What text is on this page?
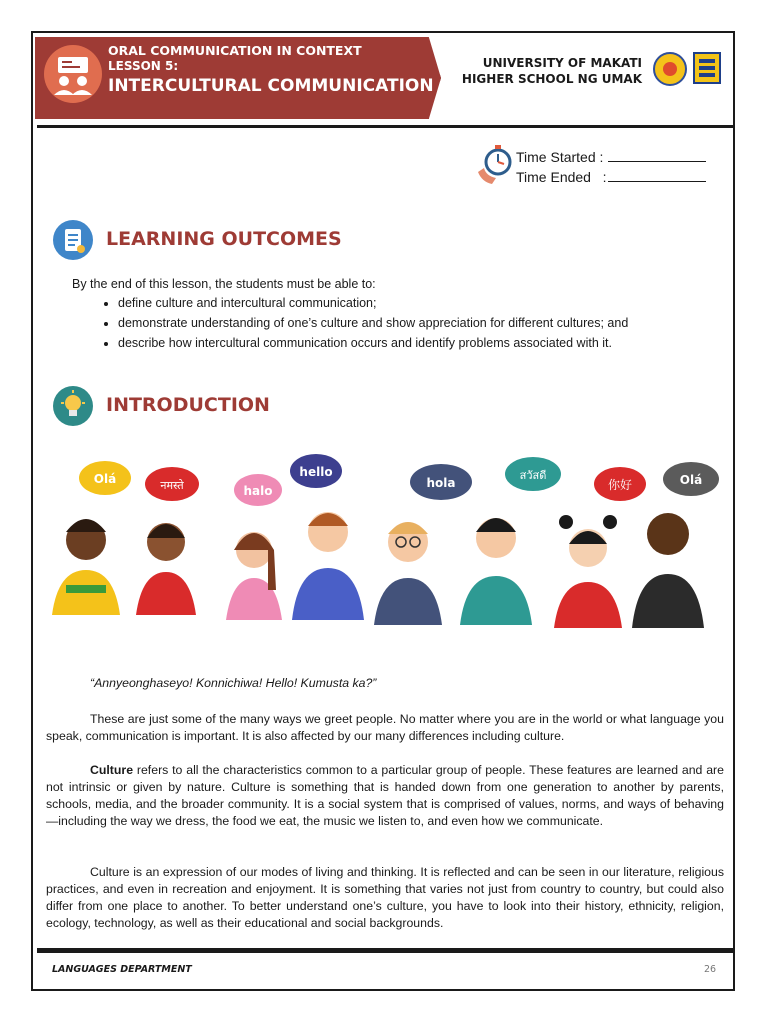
ORAL COMMUNICATION IN CONTEXT
LESSON 5:
INTERCULTURAL COMMUNICATION
UNIVERSITY OF MAKATI
HIGHER SCHOOL NG UMAK
Time Started :
Time Ended   :
LEARNING OUTCOMES
By the end of this lesson, the students must be able to:
• define culture and intercultural communication;
• demonstrate understanding of one’s culture and show appreciation for different cultures; and
• describe how intercultural communication occurs and identify problems associated with it.
INTRODUCTION
Olá	नमस्ते	halo
hello
hola
สวัสดี
你好	Olá
“Annyeonghaseyo! Konnichiwa! Hello! Kumusta ka?”
These are just some of the many ways we greet people. No matter where you are in the world or what language you speak, communication is important. It is also affected by our many differences including culture.
Culture refers to all the characteristics common to a particular group of people. These features are learned and are not intrinsic or given by nature. Culture is something that is handed down from one generation to another by parents, schools, media, and the broader community. It is a social system that is comprised of values, norms, and ways of behaving—including the way we dress, the food we eat, the music we listen to, and even how we communicate.
Culture is an expression of our modes of living and thinking. It is reflected and can be seen in our literature, religious practices, and even in recreation and enjoyment. It is something that varies not just from country to country, but could also differ from one place to another. To better understand one’s culture, you have to look into their history, ethnicity, religion, ecology, technology, as well as their educational and social backgrounds.
LANGUAGES DEPARTMENT	26
